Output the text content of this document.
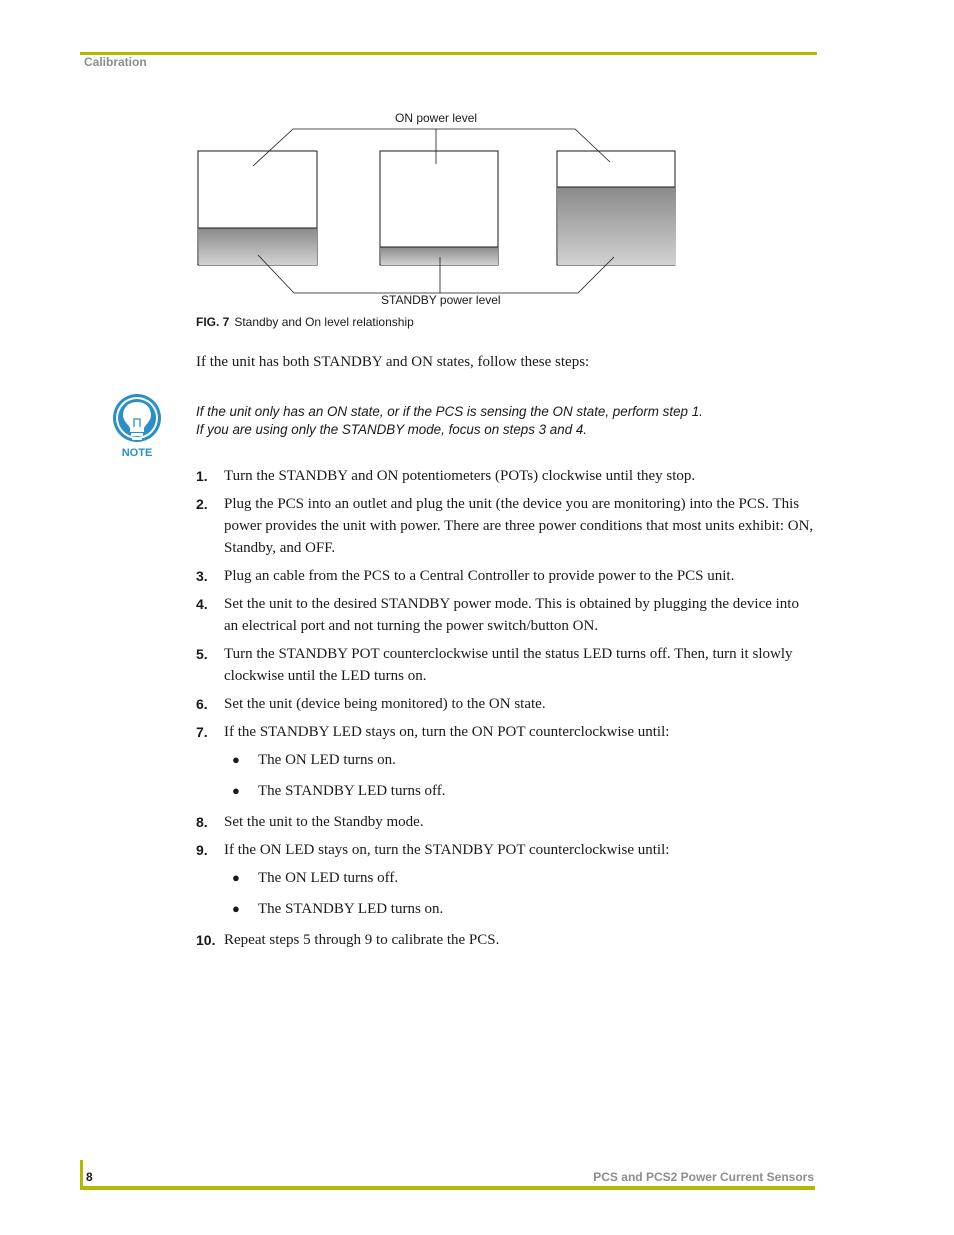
Calibration
ON power level
STANDBY power level
FIG. 7 Standby and On level relationship
If the unit has both STANDBY and ON states, follow these steps:
NOTE
If the unit only has an ON state, or if the PCS is sensing the ON state, perform step 1.
If you are using only the STANDBY mode, focus on steps 3 and 4.
1.	Turn the STANDBY and ON potentiometers (POTs) clockwise until they stop.
2.	Plug the PCS into an outlet and plug the unit (the device you are monitoring) into the PCS. This power provides the unit with power. There are three power conditions that most units exhibit: ON, Standby, and OFF.
3.	Plug an cable from the PCS to a Central Controller to provide power to the PCS unit.
4.	Set the unit to the desired STANDBY power mode. This is obtained by plugging the device into an electrical port and not turning the power switch/button ON.
5.	Turn the STANDBY POT counterclockwise until the status LED turns off. Then, turn it slowly clockwise until the LED turns on.
6.	Set the unit (device being monitored) to the ON state.
7.	If the STANDBY LED stays on, turn the ON POT counterclockwise until:
●	The ON LED turns on.
●	The STANDBY LED turns off.
8.	Set the unit to the Standby mode.
9.	If the ON LED stays on, turn the STANDBY POT counterclockwise until:
●	The ON LED turns off.
●	The STANDBY LED turns on.
10. Repeat steps 5 through 9 to calibrate the PCS.
8	PCS and PCS2 Power Current Sensors
